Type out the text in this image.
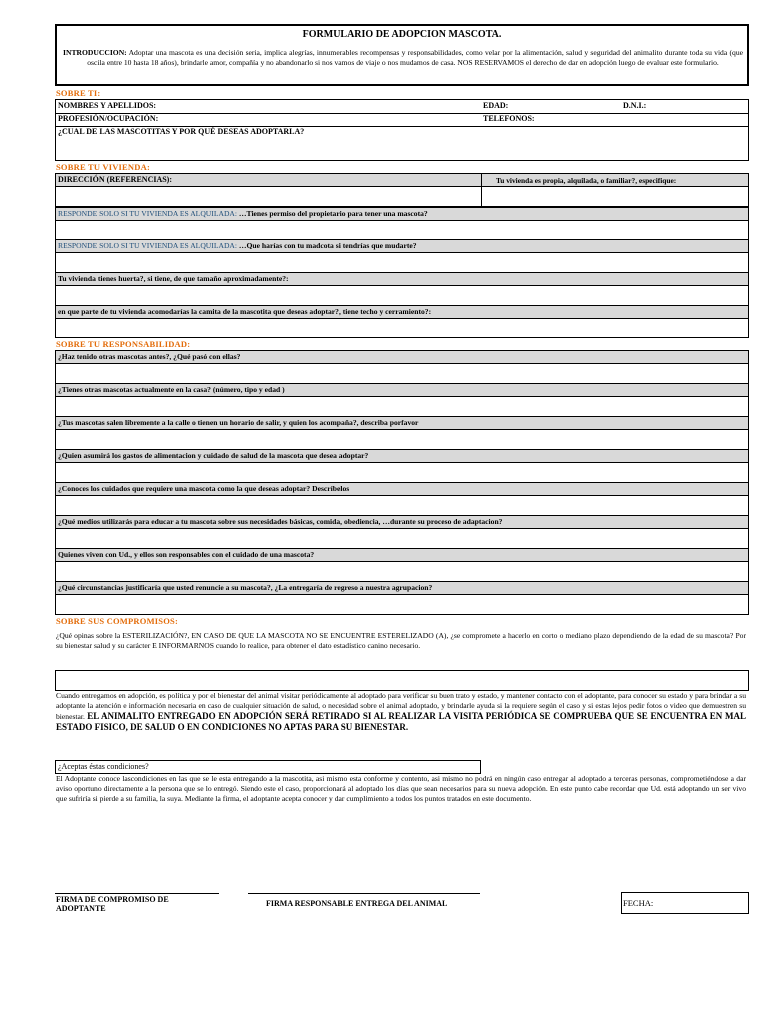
FORMULARIO DE ADOPCION MASCOTA.
INTRODUCCION: Adoptar una mascota es una decisión seria, implica alegrías, innumerables recompensas y responsabilidades, como velar por la alimentación, salud y seguridad del animalito durante toda su vida (que oscila entre 10 hasta 18 años), brindarle amor, compañía y no abandonarlo si nos vamos de viaje o nos mudamos de casa. NOS RESERVAMOS el derecho de dar en adopción luego de evaluar este formulario.
SOBRE TI:
NOMBRES Y APELLIDOS:	EDAD:	D.N.I.:
PROFESIÓN/OCUPACIÓN:	TELEFONOS:
¿CUAL DE LAS MASCOTITAS Y POR QUÉ DESEAS ADOPTARLA?
SOBRE TU VIVIENDA:
DIRECCIÓN (REFERENCIAS):	Tu vivienda es propia, alquilada, o familiar?, especifique:
RESPONDE SOLO SI TU VIVIENDA ES ALQUILADA: …Tienes permiso del propietario para tener una mascota?
RESPONDE SOLO SI TU VIVIENDA ES ALQUILADA: …Que harías con tu madcota si tendrías que mudarte?
Tu vivienda tienes huerta?, si tiene, de que tamaño aproximadamente?:
en que parte de tu vivienda acomodarías la camita de la mascotita que deseas adoptar?, tiene techo y cerramiento?:
SOBRE TU RESPONSABILIDAD:
¿Haz tenido otras mascotas antes?, ¿Qué pasó con ellas?
¿Tienes otras mascotas actualmente en la casa? (número, tipo y edad )
¿Tus mascotas salen libremente a la calle o tienen un horario de salir, y quien los acompaña?, describa porfavor
¿Quien asumirá los gastos de alimentacion y cuidado de salud de la mascota que desea adoptar?
¿Conoces los cuidados que requiere una mascota como la que deseas adoptar? Descríbelos
¿Qué medios utilizarás para educar a tu mascota sobre sus necesidades básicas, comida, obediencia, …durante su proceso de adaptacion?
Quienes viven con Ud., y ellos son responsables con el cuidado de una mascota?
¿Qué circunstancias justificaría que usted renuncie a su mascota?, ¿La entregaría de regreso a nuestra agrupacion?
SOBRE SUS COMPROMISOS:
¿Qué opinas sobre la ESTERILIZACIÓN?, EN CASO DE QUE LA MASCOTA NO SE ENCUENTRE ESTERELIZADO (A), ¿se compromete a hacerlo en corto o mediano plazo dependiendo de la edad de su mascota? Por su bienestar salud y su carácter E INFORMARNOS cuando lo realice, para obtener el dato estadístico canino necesario.
Cuando entregamos en adopción, es política y por el bienestar del animal visitar periódicamente al adoptado para verificar su buen trato y estado, y mantener contacto con el adoptante, para conocer su estado y para brindar a su adoptante la atención e información necesaria en caso de cualquier situación de salud, o necesidad sobre el animal adoptado, y brindarle ayuda si la requiere según el caso y si estas lejos pedir fotos o video que demuestren su bienestar. EL ANIMALITO ENTREGADO EN ADOPCIÓN SERÁ RETIRADO SI AL REALIZAR LA VISITA PERIÓDICA SE COMPRUEBA QUE SE ENCUENTRA EN MAL ESTADO FISICO, DE SALUD O EN CONDICIONES NO APTAS PARA SU BIENESTAR.
¿Aceptas éstas condiciones?
El Adoptante conoce lascondiciones en las que se le esta entregando a la mascotita, asi mismo esta conforme y contento, asi mismo no podrá en ningún caso entregar al adoptado a terceras personas, comprometiéndose a dar aviso oportuno directamente a la persona que se lo entregó. Siendo este el caso, proporcionará al adoptado los días que sean necesarios para su nueva adopción. En este punto cabe recordar que Ud. está adoptando un ser vivo que sufriría si pierde a su familia, la suya. Mediante la firma, el adoptante acepta conocer y dar cumplimiento a todos los puntos tratados en este documento.
FIRMA DE COMPROMISO DE
ADOPTANTE
FIRMA RESPONSABLE ENTREGA DEL ANIMAL	FECHA:
